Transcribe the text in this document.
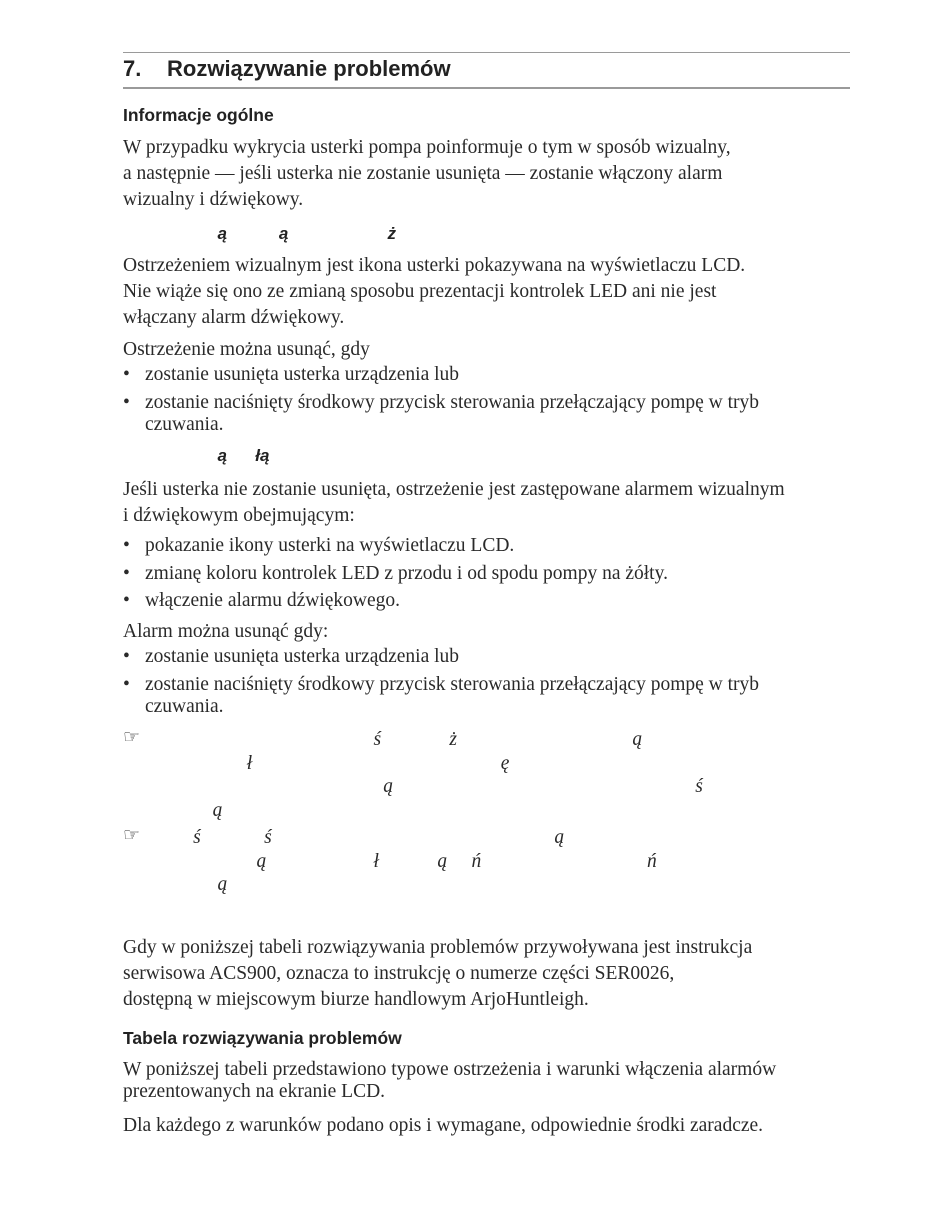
7. Rozwiązywanie problemów
Informacje ogólne

W przypadku wykrycia usterki pompa poinformuje o tym w sposób wizualny,
a następnie — jeśli usterka nie zostanie usunięta — zostanie włączony alarm
wizualny i dźwiękowy.

ą           ą                     ż

Ostrzeżeniem wizualnym jest ikona usterki pokazywana na wyświetlaczu LCD.
Nie wiąże się ono ze zmianą sposobu prezentacji kontrolek LED ani nie jest
włączany alarm dźwiękowy.

Ostrzeżenie można usunąć, gdy

• zostanie usunięta usterka urządzenia lub
• zostanie naciśnięty środkowy przycisk sterowania przełączający pompę w tryb
czuwania.
ą      łą

Jeśli usterka nie zostanie usunięta, ostrzeżenie jest zastępowane alarmem wizualnym
i dźwiękowym obejmującym:

• pokazanie ikony usterki na wyświetlaczu LCD.
• zmianę koloru kontrolek LED z przodu i od spodu pompy na żółty.
• włączenie alarmu dźwiękowego.

Alarm można usunąć gdy:

• zostanie usunięta usterka urządzenia lub
• zostanie naciśnięty środkowy przycisk sterowania przełączający pompę w tryb
czuwania.
☞ ś              ż                                    ą
ł                                                   ę
ą                                                              ś
ą
☞ ś             ś                                                          ą
ą                      ł            ą     ń                                  ń
ą

Gdy w poniższej tabeli rozwiązywania problemów przywoływana jest instrukcja
serwisowa ACS900, oznacza to instrukcję o numerze części SER0026,
dostępną w miejscowym biurze handlowym ArjoHuntleigh.

Tabela rozwiązywania problemów

W poniższej tabeli przedstawiono typowe ostrzeżenia i warunki włączenia alarmów
prezentowanych na ekranie LCD.

Dla każdego z warunków podano opis i wymagane, odpowiednie środki zaradcze.
